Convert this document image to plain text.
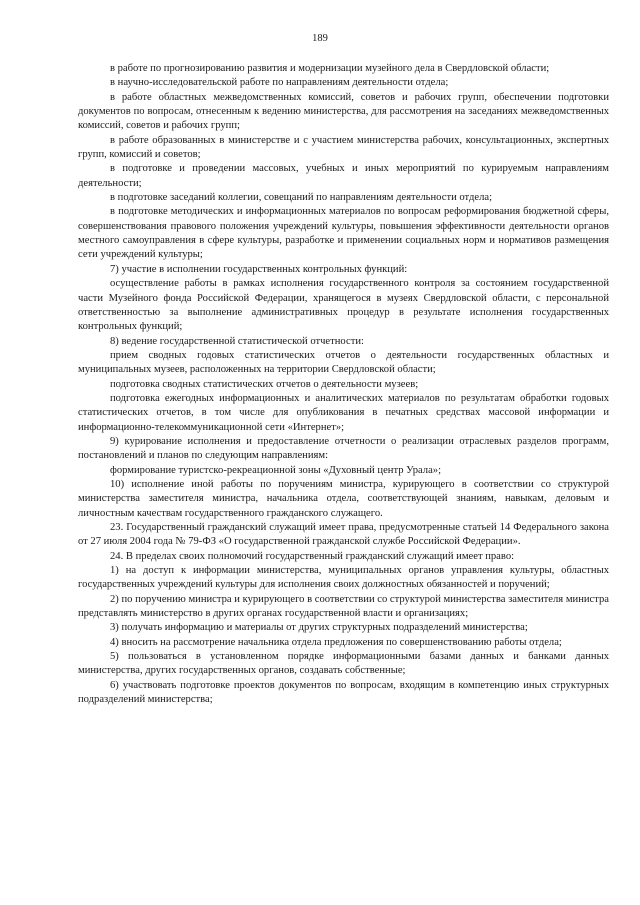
189

в работе по прогнозированию развития и модернизации музейного дела в Свердловской области;

в научно-исследовательской работе по направлениям деятельности отдела;

в работе областных межведомственных комиссий, советов и рабочих групп, обеспечении подготовки документов по вопросам, отнесенным к ведению министерства, для рассмотрения на заседаниях межведомственных комиссий, советов и рабочих групп;

в работе образованных в министерстве и с участием министерства рабочих, консультационных, экспертных групп, комиссий и советов;

в подготовке и проведении массовых, учебных и иных мероприятий по курируемым направлениям деятельности;

в подготовке заседаний коллегии, совещаний по направлениям деятельности отдела;

в подготовке методических и информационных материалов по вопросам реформирования бюджетной сферы, совершенствования правового положения учреждений культуры, повышения эффективности деятельности органов местного самоуправления в сфере культуры, разработке и применении социальных норм и нормативов размещения сети учреждений культуры;

7) участие в исполнении государственных контрольных функций:

осуществление работы в рамках исполнения государственного контроля за состоянием государственной части Музейного фонда Российской Федерации, хранящегося в музеях Свердловской области, с персональной ответственностью за выполнение административных процедур в результате исполнения государственных контрольных функций;

8) ведение государственной статистической отчетности:

прием сводных годовых статистических отчетов о деятельности государственных областных и муниципальных музеев, расположенных на территории Свердловской области;

подготовка сводных статистических отчетов о деятельности музеев;

подготовка ежегодных информационных и аналитических материалов по результатам обработки годовых статистических отчетов, в том числе для опубликования в печатных средствах массовой информации и информационно-телекоммуникационной сети «Интернет»;

9) курирование исполнения и предоставление отчетности о реализации отраслевых разделов программ, постановлений и планов по следующим направлениям:

формирование туристско-рекреационной зоны «Духовный центр Урала»;

10) исполнение иной работы по поручениям министра, курирующего в соответствии со структурой министерства заместителя министра, начальника отдела, соответствующей знаниям, навыкам, деловым и личностным качествам государственного гражданского служащего.

23. Государственный гражданский служащий имеет права, предусмотренные статьей 14 Федерального закона от 27 июля 2004 года № 79-ФЗ «О государственной гражданской службе Российской Федерации».

24. В пределах своих полномочий государственный гражданский служащий имеет право:

1) на доступ к информации министерства, муниципальных органов управления культуры, областных государственных учреждений культуры для исполнения своих должностных обязанностей и поручений;

2) по поручению министра и курирующего в соответствии со структурой министерства заместителя министра представлять министерство в других органах государственной власти и организациях;

3) получать информацию и материалы от других структурных подразделений министерства;

4) вносить на рассмотрение начальника отдела предложения по совершенствованию работы отдела;

5) пользоваться в установленном порядке информационными базами данных и банками данных министерства, других государственных органов, создавать собственные;

6) участвовать подготовке проектов документов по вопросам, входящим в компетенцию иных структурных подразделений министерства;
